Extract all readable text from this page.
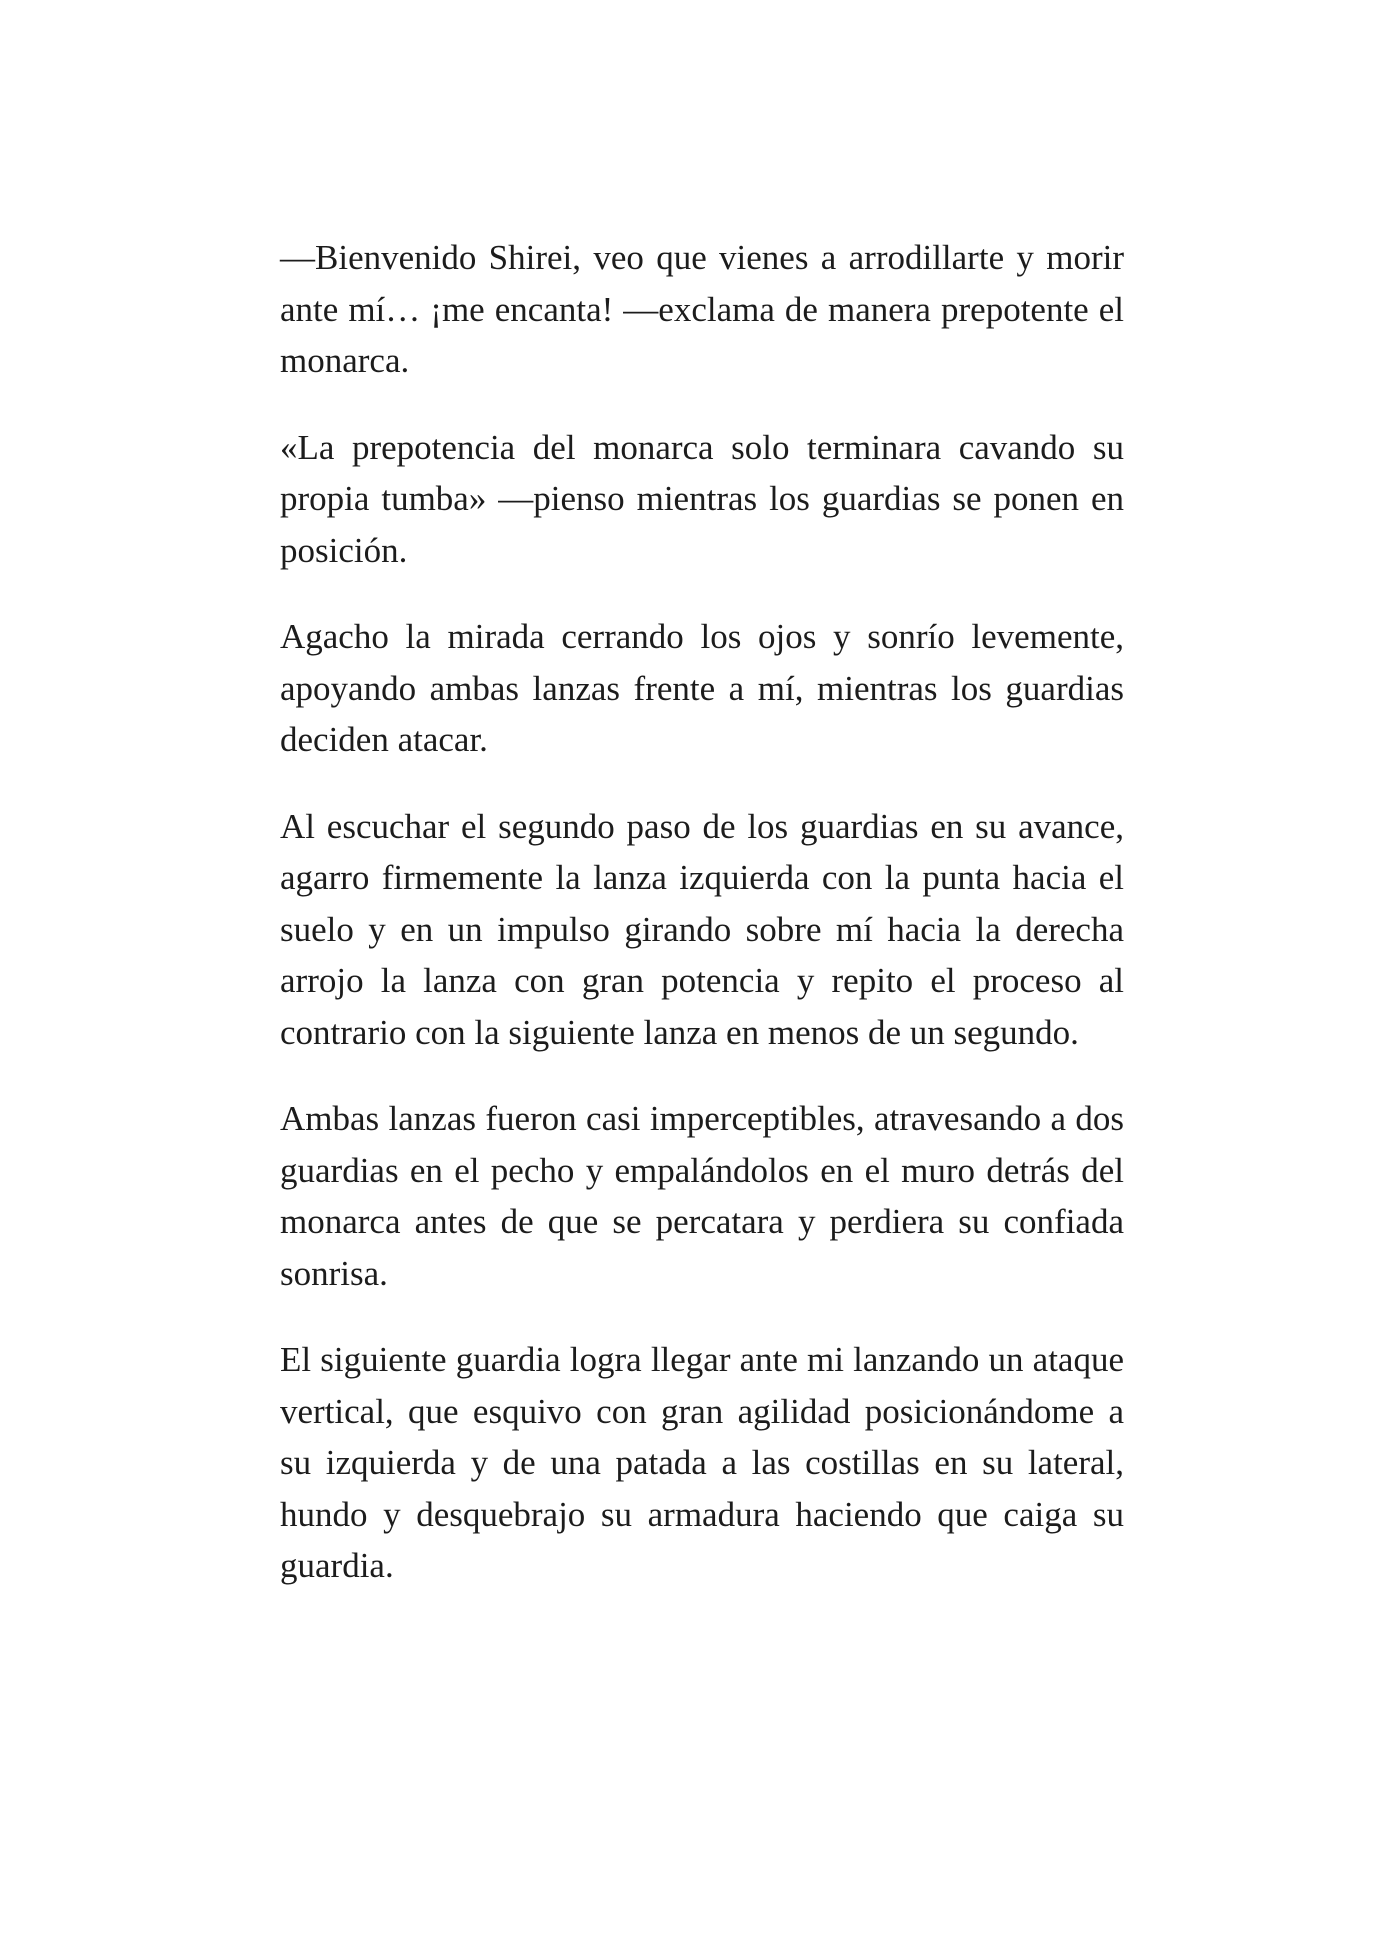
—Bienvenido Shirei, veo que vienes a arrodillarte y morir ante mí… ¡me encanta! —exclama de manera prepotente el monarca.

«La prepotencia del monarca solo terminara cavando su propia tumba» —pienso mientras los guardias se ponen en posición.

Agacho la mirada cerrando los ojos y sonrío levemente, apoyando ambas lanzas frente a mí, mientras los guardias deciden atacar.

Al escuchar el segundo paso de los guardias en su avance, agarro firmemente la lanza izquierda con la punta hacia el suelo y en un impulso girando sobre mí hacia la derecha arrojo la lanza con gran potencia y repito el proceso al contrario con la siguiente lanza en menos de un segundo.

Ambas lanzas fueron casi imperceptibles, atravesando a dos guardias en el pecho y empalándolos en el muro detrás del monarca antes de que se percatara y perdiera su confiada sonrisa.

El siguiente guardia logra llegar ante mi lanzando un ataque vertical, que esquivo con gran agilidad posicionándome a su izquierda y de una patada a las costillas en su lateral, hundo y desquebrajo su armadura haciendo que caiga su guardia.
